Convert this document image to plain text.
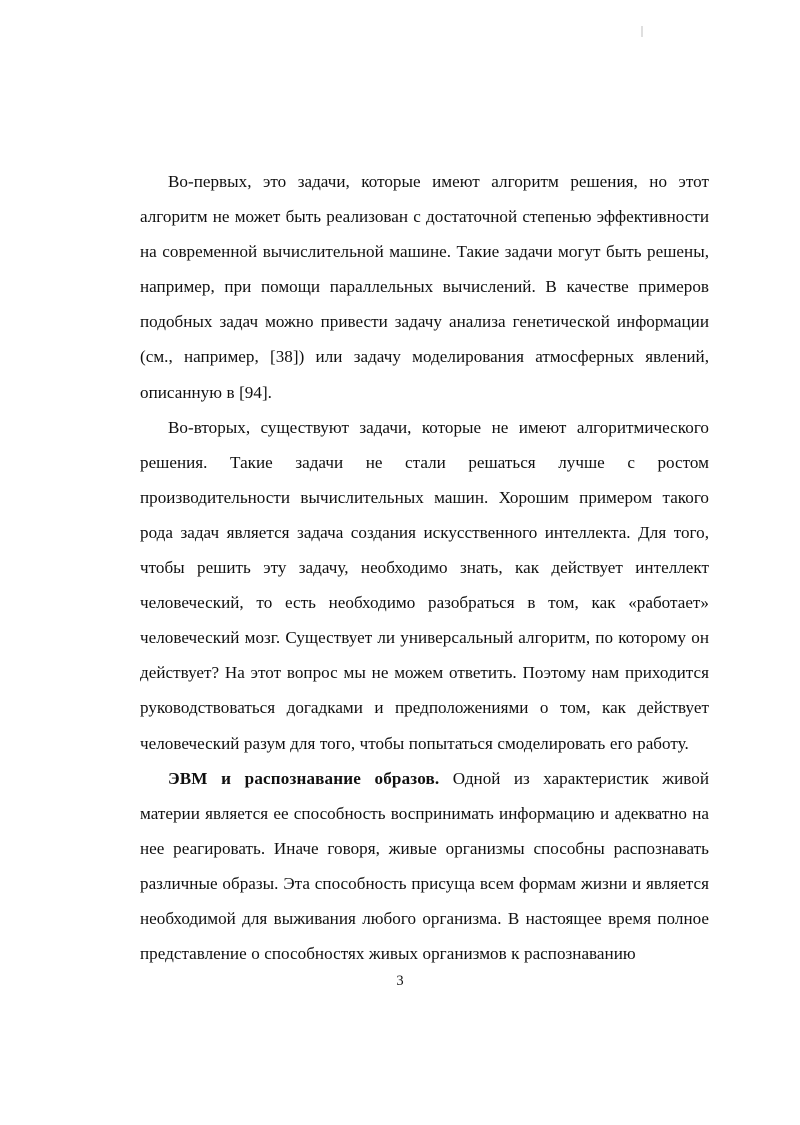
Во-первых, это задачи, которые имеют алгоритм решения, но этот алгоритм не может быть реализован с достаточной степенью эффективности на современной вычислительной машине. Такие задачи могут быть решены, например, при помощи параллельных вычислений. В качестве примеров подобных задач можно привести задачу анализа генетической информации (см., например, [38]) или задачу моделирования атмосферных явлений, описанную в [94].

Во-вторых, существуют задачи, которые не имеют алгоритмического решения. Такие задачи не стали решаться лучше с ростом производительности вычислительных машин. Хорошим примером такого рода задач является задача создания искусственного интеллекта. Для того, чтобы решить эту задачу, необходимо знать, как действует интеллект человеческий, то есть необходимо разобраться в том, как «работает» человеческий мозг. Существует ли универсальный алгоритм, по которому он действует? На этот вопрос мы не можем ответить. Поэтому нам приходится руководствоваться догадками и предположениями о том, как действует человеческий разум для того, чтобы попытаться смоделировать его работу.

ЭВМ и распознавание образов. Одной из характеристик живой материи является ее способность воспринимать информацию и адекватно на нее реагировать. Иначе говоря, живые организмы способны распознавать различные образы. Эта способность присуща всем формам жизни и является необходимой для выживания любого организма. В настоящее время полное представление о способностях живых организмов к распознаванию

3
